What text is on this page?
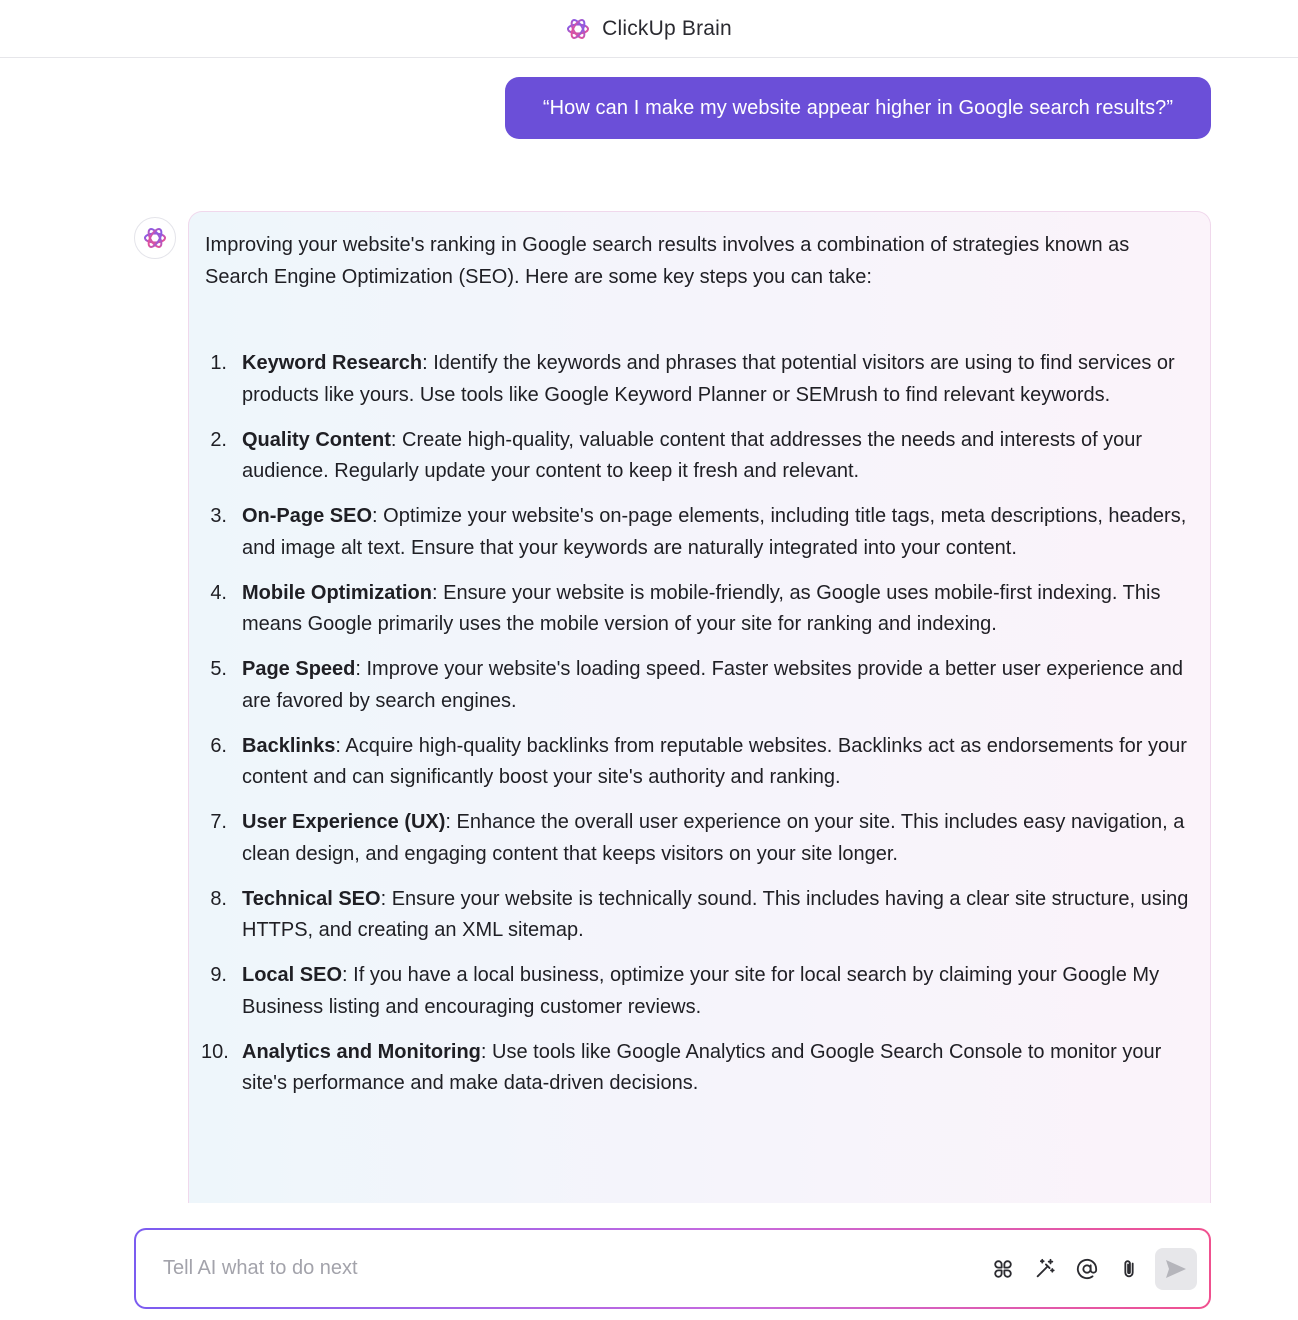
ClickUp Brain
“How can I make my website appear higher in Google search results?”

Improving your website's ranking in Google search results involves a combination of strategies known as Search Engine Optimization (SEO). Here are some key steps you can take:

1. Keyword Research: Identify the keywords and phrases that potential visitors are using to find services or products like yours. Use tools like Google Keyword Planner or SEMrush to find relevant keywords.
2. Quality Content: Create high-quality, valuable content that addresses the needs and interests of your audience. Regularly update your content to keep it fresh and relevant.
3. On-Page SEO: Optimize your website's on-page elements, including title tags, meta descriptions, headers, and image alt text. Ensure that your keywords are naturally integrated into your content.
4. Mobile Optimization: Ensure your website is mobile-friendly, as Google uses mobile-first indexing. This means Google primarily uses the mobile version of your site for ranking and indexing.
5. Page Speed: Improve your website's loading speed. Faster websites provide a better user experience and are favored by search engines.
6. Backlinks: Acquire high-quality backlinks from reputable websites. Backlinks act as endorsements for your content and can significantly boost your site's authority and ranking.
7. User Experience (UX): Enhance the overall user experience on your site. This includes easy navigation, a clean design, and engaging content that keeps visitors on your site longer.
8. Technical SEO: Ensure your website is technically sound. This includes having a clear site structure, using HTTPS, and creating an XML sitemap.
9. Local SEO: If you have a local business, optimize your site for local search by claiming your Google My Business listing and encouraging customer reviews.
10. Analytics and Monitoring: Use tools like Google Analytics and Google Search Console to monitor your site's performance and make data-driven decisions.
Tell AI what to do next
